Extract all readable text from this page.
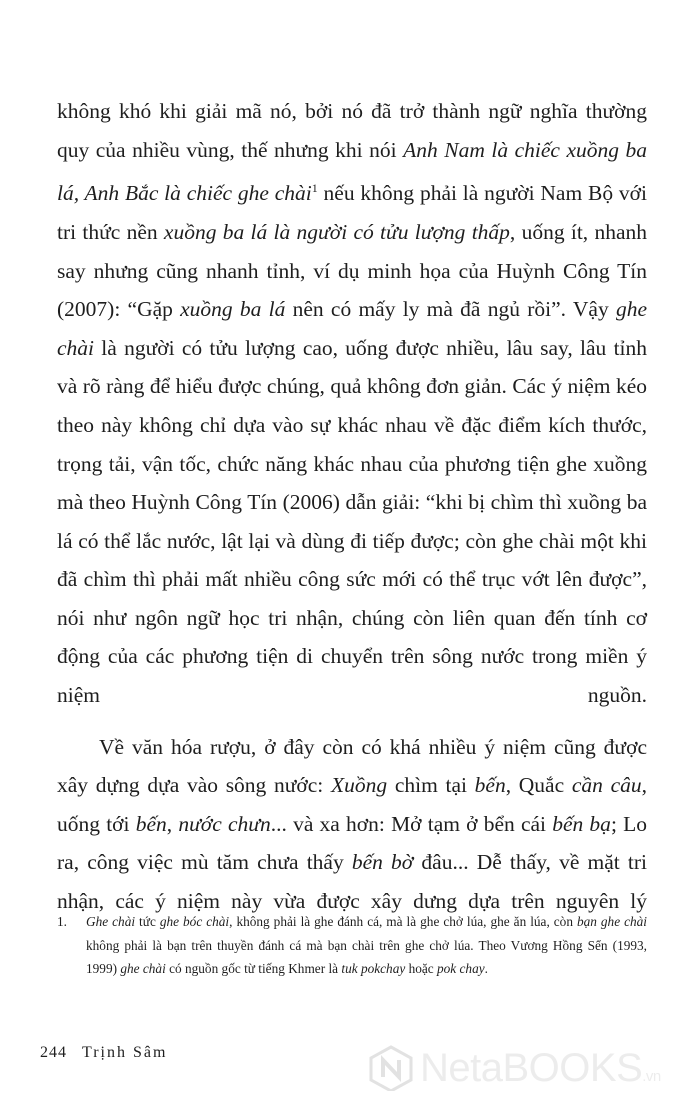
không khó khi giải mã nó, bởi nó đã trở thành ngữ nghĩa thường
quy của nhiều vùng, thế nhưng khi nói Anh Nam là chiếc xuồng ba lá, Anh Bắc là chiếc ghe chài$^1$ nếu không phải là người Nam Bộ với tri thức nền xuồng ba lá là người có tửu lượng thấp, uống ít, nhanh say nhưng cũng nhanh tỉnh, ví dụ minh họa của Huỳnh Công Tín (2007): “Gặp xuồng ba lá nên có mấy ly mà đã ngủ rồi”. Vậy ghe chài là người có tửu lượng cao, uống được nhiều, lâu say, lâu tỉnh và rõ ràng để hiểu được chúng, quả không đơn giản. Các ý niệm kéo theo này không chỉ dựa vào sự khác nhau về đặc điểm kích thước, trọng tải, vận tốc, chức năng khác nhau của phương tiện ghe xuồng mà theo Huỳnh Công Tín (2006) dẫn giải: “khi bị chìm thì xuồng ba lá có thể lắc nước, lật lại và dùng đi tiếp được; còn ghe chài một khi đã chìm thì phải mất nhiều công sức mới có thể trục vớt lên được”, nói như ngôn ngữ học tri nhận, chúng còn liên quan đến tính cơ động của các phương tiện di chuyển trên sông nước trong miền ý niệm nguồn.

Về văn hóa rượu, ở đây còn có khá nhiều ý niệm cũng được xây dựng dựa vào sông nước: Xuồng chìm tại bến, Quắc cần câu, uống tới bến, nước chưn... và xa hơn: Mở tạm ở bển cái bến bạ; Lo ra, công việc mù tăm chưa thấy bến bờ đâu... Dễ thấy, về mặt tri nhận, các ý niệm này vừa được xây dưng dựa trên nguyên lý

1. Ghe chài tức ghe bóc chài, không phải là ghe đánh cá, mà là ghe chở lúa, ghe ăn lúa, còn bạn ghe chài không phải là bạn trên thuyền đánh cá mà bạn chài trên ghe chở lúa. Theo Vương Hồng Sển (1993, 1999) ghe chài có nguồn gốc từ tiếng Khmer là tuk pokchay hoặc pok chay.
244 Trịnh Sâm	NetaBOOKS.vn
